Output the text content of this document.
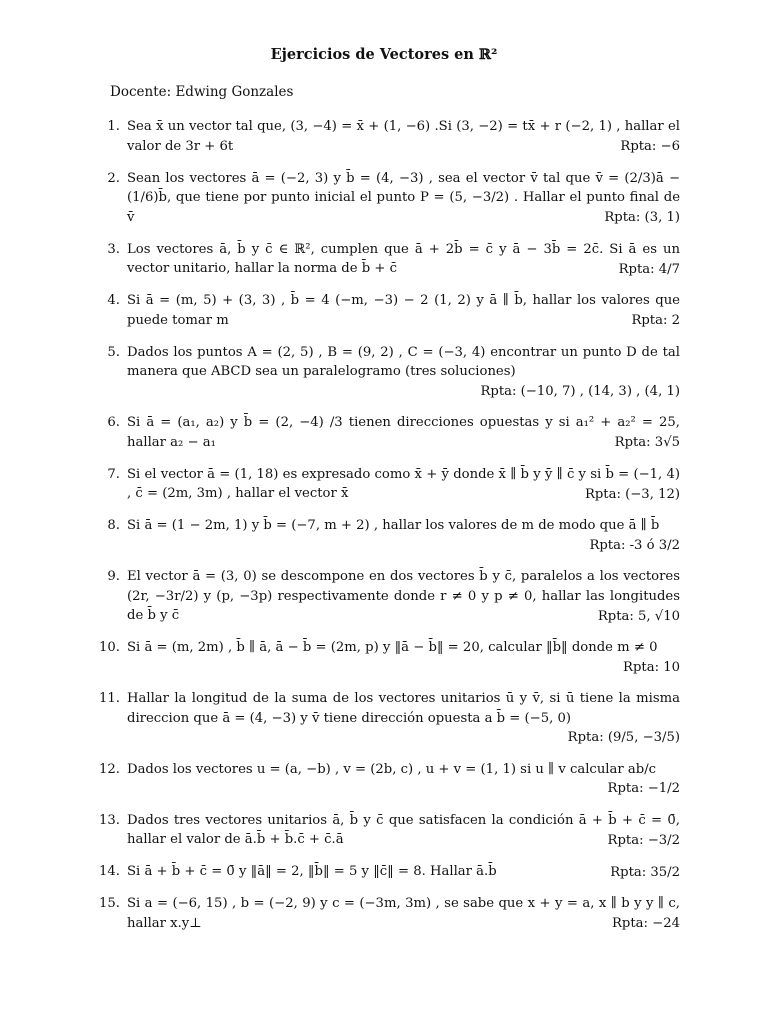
Ejercicios de Vectores en ℝ²
Docente: Edwing Gonzales
1. Sea x̄ un vector tal que, (3, −4) = x̄ + (1, −6) .Si (3, −2) = tx̄ + r (−2, 1) , hallar el valor de 3r + 6t	Rpta: −6
2. Sean los vectores ā = (−2, 3) y b̄ = (4, −3) , sea el vector v̄ tal que v̄ = (2/3)ā − (1/6)b̄, que tiene por punto inicial el punto P = (5, −3/2) . Hallar el punto final de v̄	Rpta: (3, 1)
3. Los vectores ā, b̄ y c̄ ∈ ℝ², cumplen que ā + 2b̄ = c̄ y ā − 3b̄ = 2c̄. Si ā es un vector unitario, hallar la norma de b̄ + c̄	Rpta: 4/7
4. Si ā = (m, 5) + (3, 3) , b̄ = 4 (−m, −3) − 2 (1, 2) y ā ∥ b̄, hallar los valores que puede tomar m	Rpta: 2
5. Dados los puntos A = (2, 5) , B = (9, 2) , C = (−3, 4) encontrar un punto D de tal manera que ABCD sea un paralelogramo (tres soluciones)
Rpta: (−10, 7) , (14, 3) , (4, 1)
6. Si ā = (a₁, a₂) y b̄ = (2, −4) /3 tienen direcciones opuestas y si a₁² + a₂² = 25, hallar a₂ − a₁	Rpta: 3√5
7. Si el vector ā = (1, 18) es expresado como x̄ + ȳ donde x̄ ∥ b̄ y ȳ ∥ c̄ y si b̄ = (−1, 4) , c̄ = (2m, 3m) , hallar el vector x̄	Rpta: (−3, 12)
8. Si ā = (1 − 2m, 1) y b̄ = (−7, m + 2) , hallar los valores de m de modo que ā ∥ b̄
Rpta: -3 ó 3/2
9. El vector ā = (3, 0) se descompone en dos vectores b̄ y c̄, paralelos a los vectores (2r, −3r/2) y (p, −3p) respectivamente donde r ≠ 0 y p ≠ 0, hallar las longitudes de b̄ y c̄	Rpta: 5, √10
10. Si ā = (m, 2m) , b̄ ∥ ā, ā − b̄ = (2m, p) y ‖ā − b̄‖ = 20, calcular ‖b̄‖ donde m ≠ 0
Rpta: 10
11. Hallar la longitud de la suma de los vectores unitarios ū y v̄, si ū tiene la misma direccion que ā = (4, −3) y v̄ tiene dirección opuesta a b̄ = (−5, 0)
Rpta: (9/5, −3/5)
12. Dados los vectores u = (a, −b) , v = (2b, c) , u + v = (1, 1) si u ∥ v calcular ab/c
Rpta: −1/2
13. Dados tres vectores unitarios ā, b̄ y c̄ que satisfacen la condición ā + b̄ + c̄ = 0̄, hallar el valor de ā.b̄ + b̄.c̄ + c̄.ā	Rpta: −3/2
14. Si ā + b̄ + c̄ = 0̄ y ‖ā‖ = 2, ‖b̄‖ = 5 y ‖c̄‖ = 8. Hallar ā.b̄	Rpta: 35/2
15. Si a = (−6, 15) , b = (−2, 9) y c = (−3m, 3m) , se sabe que x + y = a, x ∥ b y y ∥ c, hallar x.y⊥	Rpta: −24
